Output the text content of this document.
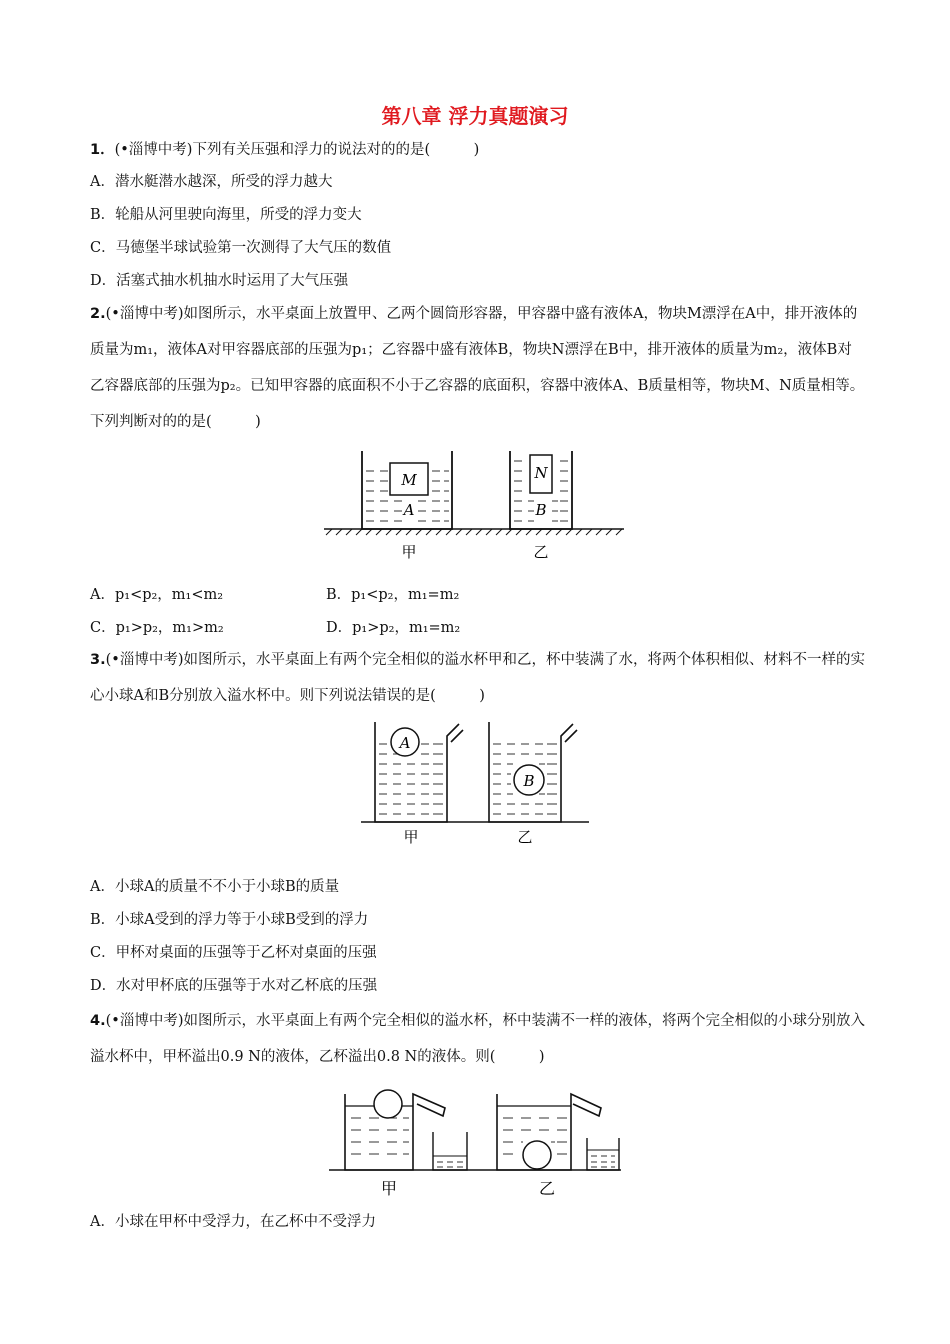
第八章 浮力真题演习
1．(•淄博中考)下列有关压强和浮力的说法对的的是(　　　)
A．潜水艇潜水越深，所受的浮力越大
B．轮船从河里驶向海里，所受的浮力变大
C．马德堡半球试验第一次测得了大气压的数值
D．活塞式抽水机抽水时运用了大气压强
2.(•淄博中考)如图所示，水平桌面上放置甲、乙两个圆筒形容器，甲容器中盛有液体A，物块M漂浮在A中，排开液体的质量为m₁，液体A对甲容器底部的压强为p₁；乙容器中盛有液体B，物块N漂浮在B中，排开液体的质量为m₂，液体B对乙容器底部的压强为p₂。已知甲容器的底面积不小于乙容器的底面积，容器中液体A、B质量相等，物块M、N质量相等。下列判断对的的是(　　　)
M
A
N
B
甲	乙
A．p₁<p₂，m₁<m₂	B．p₁<p₂，m₁=m₂
C．p₁>p₂，m₁>m₂	D．p₁>p₂，m₁=m₂
3.(•淄博中考)如图所示，水平桌面上有两个完全相似的溢水杯甲和乙，杯中装满了水，将两个体积相似、材料不一样的实心小球A和B分别放入溢水杯中。则下列说法错误的是(　　　)
A
B
甲	乙
A．小球A的质量不不小于小球B的质量
B．小球A受到的浮力等于小球B受到的浮力
C．甲杯对桌面的压强等于乙杯对桌面的压强
D．水对甲杯底的压强等于水对乙杯底的压强
4.(•淄博中考)如图所示，水平桌面上有两个完全相似的溢水杯，杯中装满不一样的液体，将两个完全相似的小球分别放入溢水杯中，甲杯溢出0.9 N的液体，乙杯溢出0.8 N的液体。则(　　　)
甲	乙
A．小球在甲杯中受浮力，在乙杯中不受浮力
